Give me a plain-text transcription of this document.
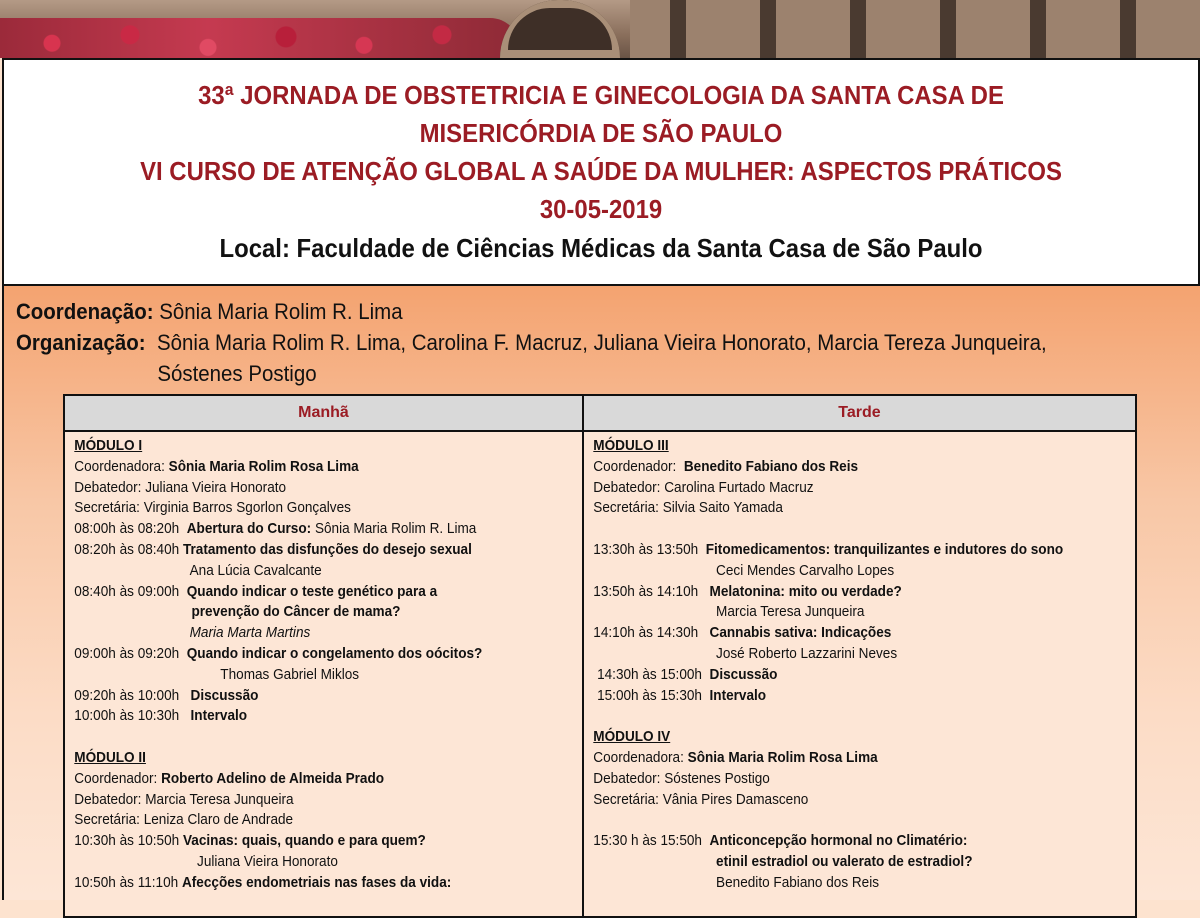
33ª JORNADA DE OBSTETRICIA E GINECOLOGIA DA SANTA CASA DE
MISERICÓRDIA DE SÃO PAULO
VI CURSO DE ATENÇÃO GLOBAL A SAÚDE DA MULHER: ASPECTOS PRÁTICOS
30-05-2019
Local: Faculdade de Ciências Médicas da Santa Casa de São Paulo
Coordenação: Sônia Maria Rolim R. Lima
Organização: Sônia Maria Rolim R. Lima, Carolina F. Macruz, Juliana Vieira Honorato, Marcia Tereza Junqueira,
Sóstenes Postigo
Manhã
MÓDULO I
Coordenadora: Sônia Maria Rolim Rosa Lima
Debatedor: Juliana Vieira Honorato
Secretária: Virginia Barros Sgorlon Gonçalves
08:00h às 08:20h Abertura do Curso: Sônia Maria Rolim R. Lima
08:20h às 08:40h Tratamento das disfunções do desejo sexual
Ana Lúcia Cavalcante
08:40h às 09:00h Quando indicar o teste genético para a
prevenção do Câncer de mama?
Maria Marta Martins
09:00h às 09:20h Quando indicar o congelamento dos oócitos?
Thomas Gabriel Miklos
09:20h às 10:00h Discussão
10:00h às 10:30h Intervalo
MÓDULO II
Coordenador: Roberto Adelino de Almeida Prado
Debatedor: Marcia Teresa Junqueira
Secretária: Leniza Claro de Andrade
10:30h às 10:50h Vacinas: quais, quando e para quem?
Juliana Vieira Honorato
10:50h às 11:10h Afecções endometriais nas fases da vida:
Tarde
MÓDULO III
Coordenador: Benedito Fabiano dos Reis
Debatedor: Carolina Furtado Macruz
Secretária: Silvia Saito Yamada
13:30h às 13:50h Fitomedicamentos: tranquilizantes e indutores do sono
Ceci Mendes Carvalho Lopes
13:50h às 14:10h Melatonina: mito ou verdade?
Marcia Teresa Junqueira
14:10h às 14:30h Cannabis sativa: Indicações
José Roberto Lazzarini Neves
14:30h às 15:00h Discussão
15:00h às 15:30h Intervalo
MÓDULO IV
Coordenadora: Sônia Maria Rolim Rosa Lima
Debatedor: Sóstenes Postigo
Secretária: Vânia Pires Damasceno
15:30 h às 15:50h Anticoncepção hormonal no Climatério:
etinil estradiol ou valerato de estradiol?
Benedito Fabiano dos Reis
